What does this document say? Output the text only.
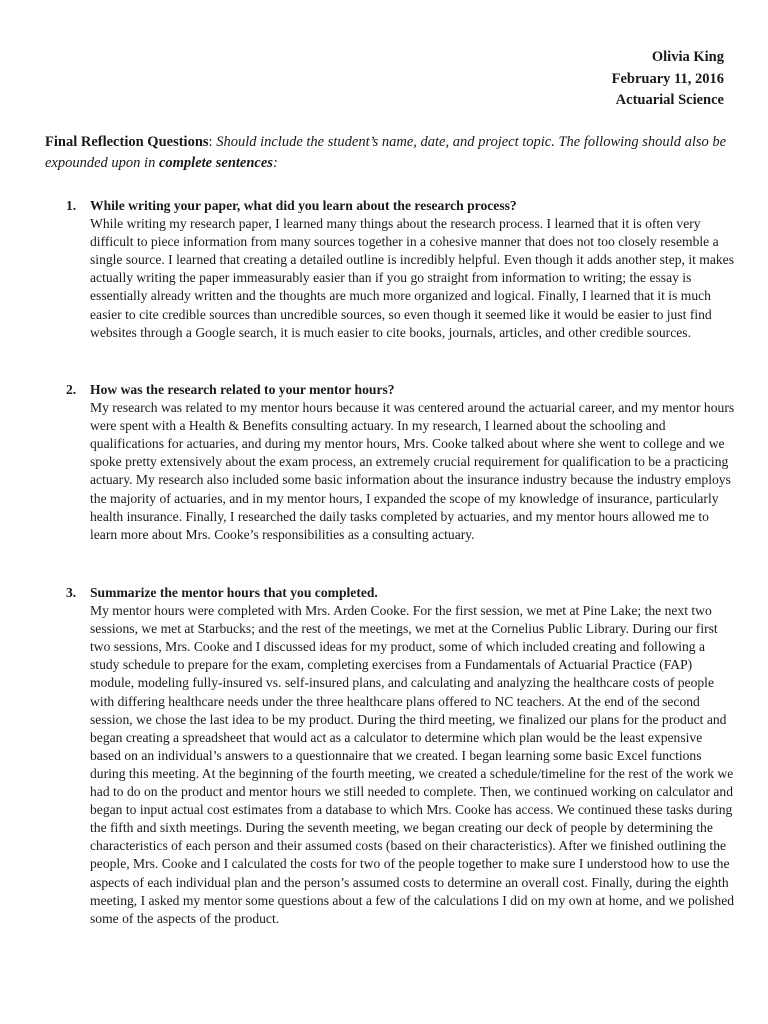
Olivia King
February 11, 2016
Actuarial Science
Final Reflection Questions: Should include the student’s name, date, and project topic. The following should also be expounded upon in complete sentences:
1. While writing your paper, what did you learn about the research process?
While writing my research paper, I learned many things about the research process. I learned that it is often very difficult to piece information from many sources together in a cohesive manner that does not too closely resemble a single source. I learned that creating a detailed outline is incredibly helpful. Even though it adds another step, it makes actually writing the paper immeasurably easier than if you go straight from information to writing; the essay is essentially already written and the thoughts are much more organized and logical. Finally, I learned that it is much easier to cite credible sources than uncredible sources, so even though it seemed like it would be easier to just find websites through a Google search, it is much easier to cite books, journals, articles, and other credible sources.
2. How was the research related to your mentor hours?
My research was related to my mentor hours because it was centered around the actuarial career, and my mentor hours were spent with a Health & Benefits consulting actuary. In my research, I learned about the schooling and qualifications for actuaries, and during my mentor hours, Mrs. Cooke talked about where she went to college and we spoke pretty extensively about the exam process, an extremely crucial requirement for qualification to be a practicing actuary. My research also included some basic information about the insurance industry because the industry employs the majority of actuaries, and in my mentor hours, I expanded the scope of my knowledge of insurance, particularly health insurance. Finally, I researched the daily tasks completed by actuaries, and my mentor hours allowed me to learn more about Mrs. Cooke’s responsibilities as a consulting actuary.
3. Summarize the mentor hours that you completed.
My mentor hours were completed with Mrs. Arden Cooke. For the first session, we met at Pine Lake; the next two sessions, we met at Starbucks; and the rest of the meetings, we met at the Cornelius Public Library. During our first two sessions, Mrs. Cooke and I discussed ideas for my product, some of which included creating and following a study schedule to prepare for the exam, completing exercises from a Fundamentals of Actuarial Practice (FAP) module, modeling fully-insured vs. self-insured plans, and calculating and analyzing the healthcare costs of people with differing healthcare needs under the three healthcare plans offered to NC teachers. At the end of the second session, we chose the last idea to be my product. During the third meeting, we finalized our plans for the product and began creating a spreadsheet that would act as a calculator to determine which plan would be the least expensive based on an individual’s answers to a questionnaire that we created. I began learning some basic Excel functions during this meeting. At the beginning of the fourth meeting, we created a schedule/timeline for the rest of the work we had to do on the product and mentor hours we still needed to complete. Then, we continued working on calculator and began to input actual cost estimates from a database to which Mrs. Cooke has access. We continued these tasks during the fifth and sixth meetings. During the seventh meeting, we began creating our deck of people by determining the characteristics of each person and their assumed costs (based on their characteristics). After we finished outlining the people, Mrs. Cooke and I calculated the costs for two of the people together to make sure I understood how to use the aspects of each individual plan and the person’s assumed costs to determine an overall cost. Finally, during the eighth meeting, I asked my mentor some questions about a few of the calculations I did on my own at home, and we polished some of the aspects of the product.
